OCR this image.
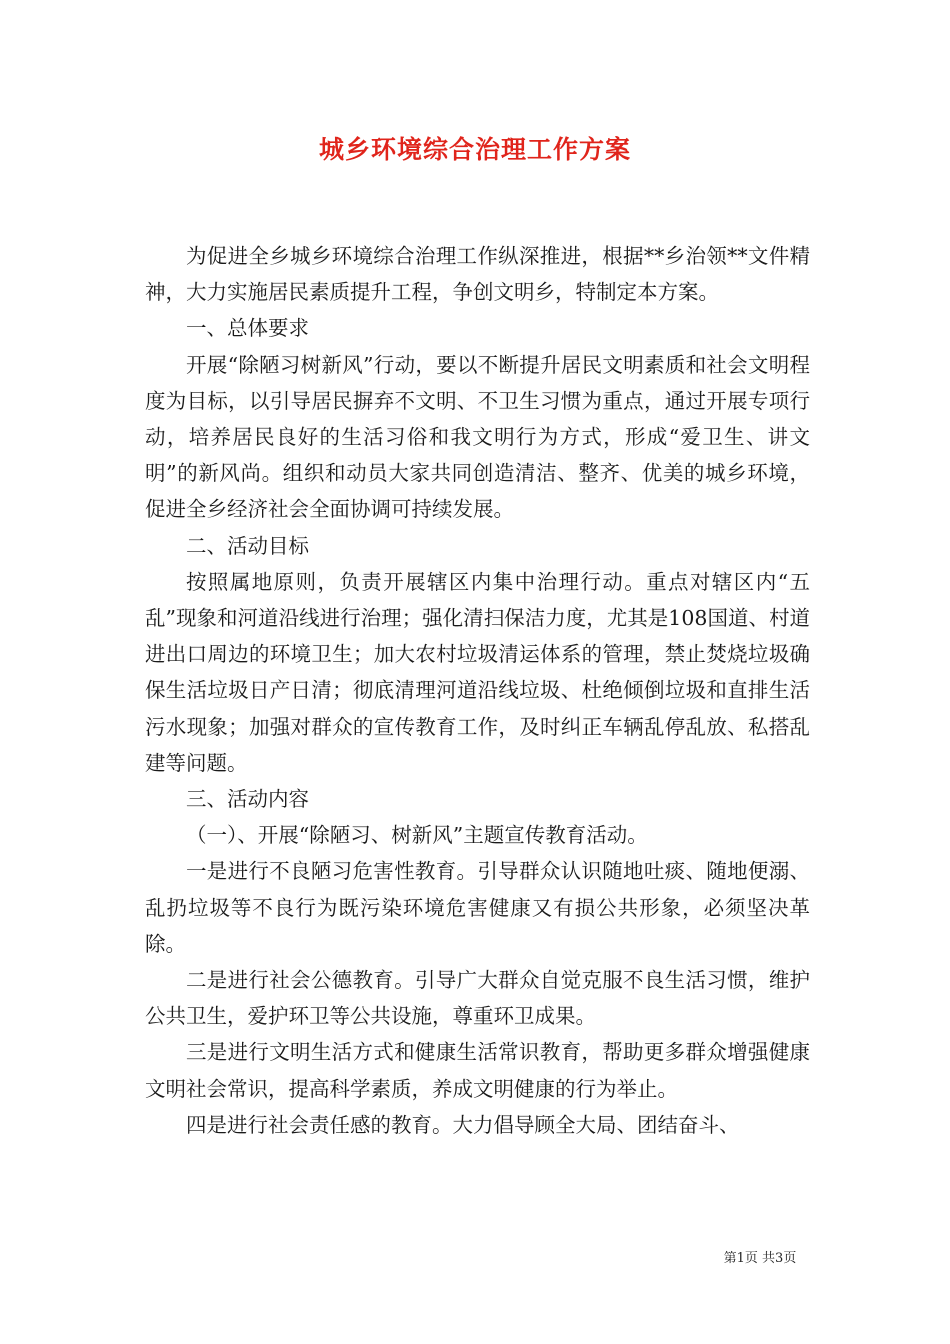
城乡环境综合治理工作方案

为促进全乡城乡环境综合治理工作纵深推进，根据**乡治领**文件精神，大力实施居民素质提升工程，争创文明乡，特制定本方案。

一、总体要求

开展“除陋习树新风”行动，要以不断提升居民文明素质和社会文明程度为目标，以引导居民摒弃不文明、不卫生习惯为重点，通过开展专项行动，培养居民良好的生活习俗和我文明行为方式，形成“爱卫生、讲文明”的新风尚。组织和动员大家共同创造清洁、整齐、优美的城乡环境，促进全乡经济社会全面协调可持续发展。

二、活动目标

按照属地原则，负责开展辖区内集中治理行动。重点对辖区内“五乱”现象和河道沿线进行治理；强化清扫保洁力度，尤其是108国道、村道进出口周边的环境卫生；加大农村垃圾清运体系的管理，禁止焚烧垃圾确保生活垃圾日产日清；彻底清理河道沿线垃圾、杜绝倾倒垃圾和直排生活污水现象；加强对群众的宣传教育工作，及时纠正车辆乱停乱放、私搭乱建等问题。

三、活动内容

（一）、开展“除陋习、树新风”主题宣传教育活动。

一是进行不良陋习危害性教育。引导群众认识随地吐痰、随地便溺、乱扔垃圾等不良行为既污染环境危害健康又有损公共形象，必须坚决革除。

二是进行社会公德教育。引导广大群众自觉克服不良生活习惯，维护公共卫生，爱护环卫等公共设施，尊重环卫成果。

三是进行文明生活方式和健康生活常识教育，帮助更多群众增强健康文明社会常识，提高科学素质，养成文明健康的行为举止。

四是进行社会责任感的教育。大力倡导顾全大局、团结奋斗、

第1页 共3页
